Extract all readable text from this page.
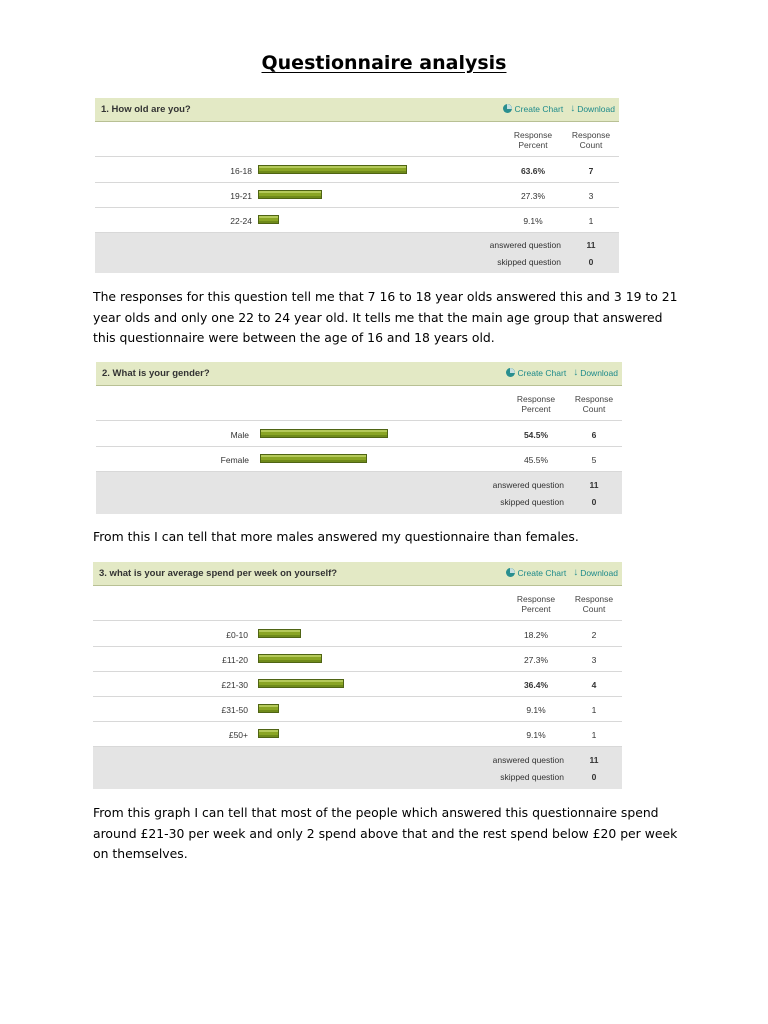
Questionnaire analysis
1. How old are you?	Create Chart ↓ Download
Response Percent
Response Count
16-18	63.6%	7
19-21	27.3%	3
22-24	9.1%	1
answered question	11
skipped question	0
The responses for this question tell me that 7 16 to 18 year olds answered this and 3 19 to 21 year olds and only one 22 to 24 year old. It tells me that the main age group that answered this questionnaire were between the age of 16 and 18 years old.
2. What is your gender?	Create Chart ↓ Download
Response Percent
Response Count
Male	54.5%	6
Female	45.5%	5
answered question	11
skipped question	0
From this I can tell that more males answered my questionnaire than females.
3. what is your average spend per week on yourself?	Create Chart ↓ Download
Response Percent
Response Count
£0-10	18.2%	2
£11-20	27.3%	3
£21-30	36.4%	4
£31-50	9.1%	1
£50+	9.1%	1
answered question	11
skipped question	0
From this graph I can tell that most of the people which answered this questionnaire spend around £21-30 per week and only 2 spend above that and the rest spend below £20 per week on themselves.
